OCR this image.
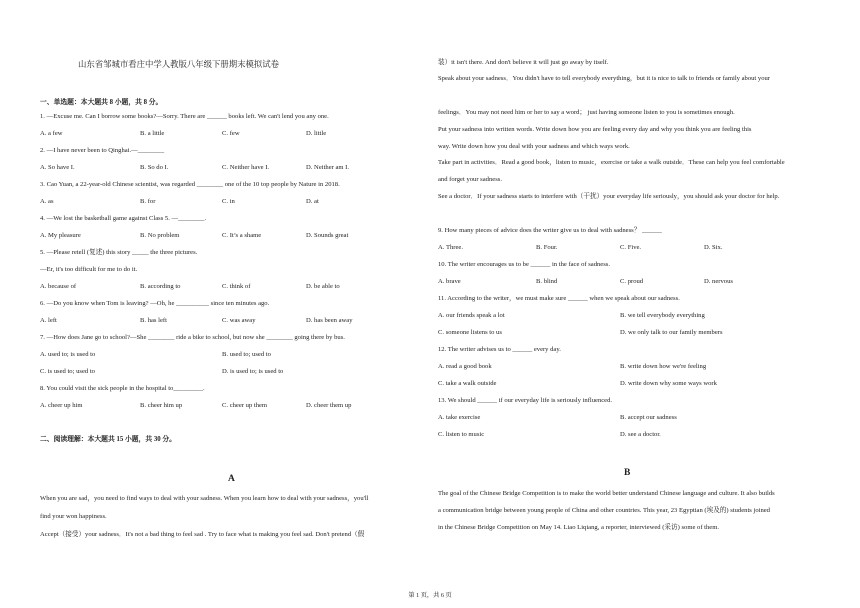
山东省邹城市看庄中学人教版八年级下册期末模拟试卷
一、单选题：本大题共 8 小题，共 8 分。
1. —Excuse me. Can I borrow some books?—Sorry. There are ______ books left. We can't lend you any one.
A. a few	B. a little	C. few	D. little
2. —I have never been to Qinghai.—________
A. So have I.	B. So do I.	C. Neither have I.	D. Neither am I.
3. Cao Yuan, a 22-year-old Chinese scientist, was regarded ________ one of the 10 top people by Nature in 2018.
A. as	B. for	C. in	D. at
4. —We lost the basketball game against Class 5. —________.
A. My pleasure	B. No problem	C. It’s a shame	D. Sounds great
5. —Please retell (复述) this story _____ the three pictures.
—Er, it's too difficult for me to do it.
A. because of	B. according to	C. think of	D. be able to
6. —Do you know when Tom is leaving? —Oh, he __________ since ten minutes ago.
A. left	B. has left	C. was away	D. has been away
7. —How does Jane go to school?—She ________ ride a bike to school, but now she ________ going there by bus.
A. used to; is used to	B. used to; used to
C. is used to; used to	D. is used to; is used to
8. You could visit the sick people in the hospital to_________.
A. cheer up him	B. cheer him up	C. cheer up them	D. cheer them up
二、阅读理解：本大题共 15 小题，共 30 分。
A
When you are sad，you need to find ways to deal with your sadness. When you learn how to deal with your sadness，you'll
find your won happiness.
Accept（接受）your sadness．It's not a bad thing to feel sad . Try to face what is making you feel sad. Don't pretend（假
装）it isn't there. And don't believe it will just go away by itself.
Speak about your sadness．You didn't have to tell everybody everything，but it is nice to talk to friends or family about your
feelings．You may not need him or her to say a word； just having someone listen to you is sometimes enough.
Put your sadness into written words. Write down how you are feeling every day and why you think you are feeling this
way. Write down how you deal with your sadness and which ways work.
Take part in activities．Read a good book，listen to music，exercise or take a walk outside．These can help you feel comfortable
and forget your sadness.
See a doctor．If your sadness starts to interfere with（干扰）your everyday life seriously，you should ask your doctor for help.
9. How many pieces of advice does the writer give us to deal with sadness？ ______
A. Three.	B. Four.	C. Five.	D. Six.
10. The writer encourages us to be ______ in the face of sadness.
A. brave	B. blind	C. proud	D. nervous
11. According to the writer，we must make sure ______ when we speak about our sadness.
A. our friends speak a lot	B. we tell everybody everything
C. someone listens to us	D. we only talk to our family members
12. The writer advises us to ______ every day.
A. read a good book	B. write down how we're feeling
C. take a walk outside	D. write down why some ways work
13. We should ______ if our everyday life is seriously influenced.
A. take exercise	B. accept our sadness
C. listen to music	D. see a doctor.
B
The goal of the Chinese Bridge Competition is to make the world better understand Chinese language and culture. It also builds
a communication bridge between young people of China and other countries. This year, 23 Egyptian (埃及的) students joined
in the Chinese Bridge Competition on May 14. Liao Liqiang, a reporter, interviewed (采访) some of them.
第 1 页，共 6 页
